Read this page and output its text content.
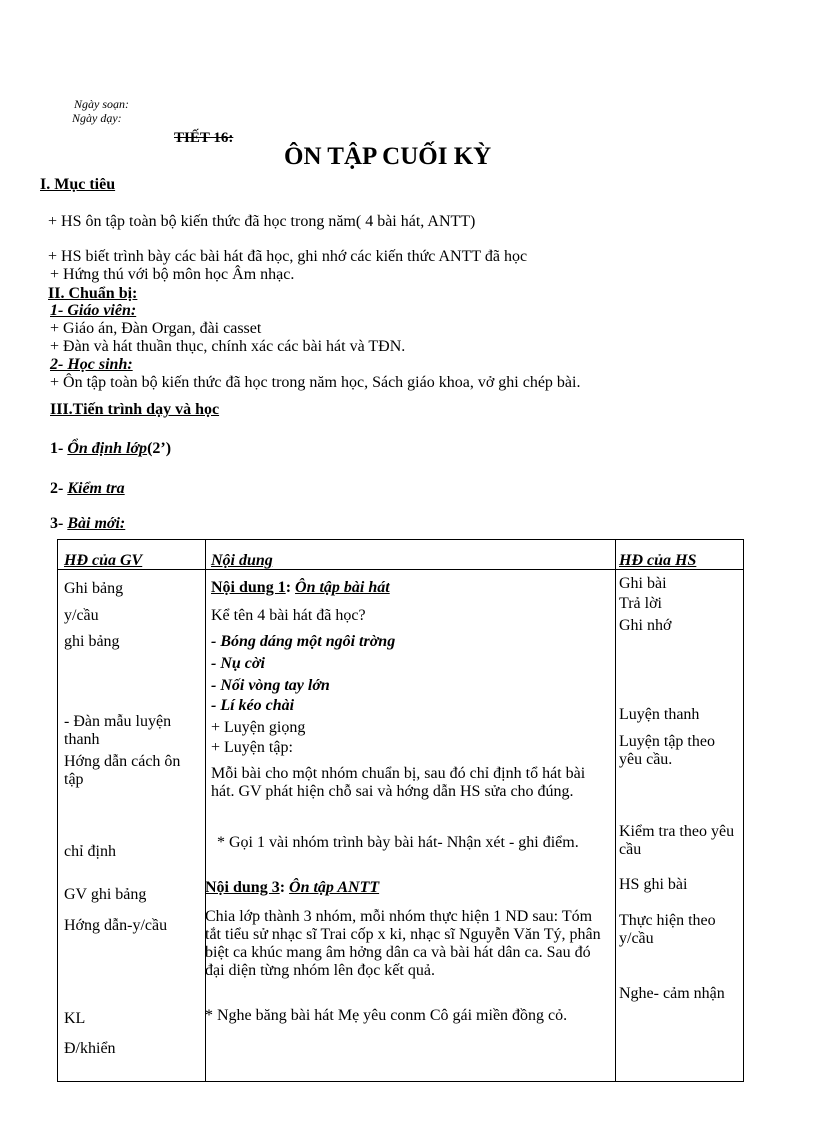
Ngày soạn:
Ngày dạy:
TIẾT 16:
ÔN TẬP CUỐI KỲ
I. Mục tiêu
+ HS ôn tập toàn bộ kiến thức đã học trong năm( 4 bài hát, ANTT)
+ HS biết trình bày các bài hát đã học, ghi nhớ các kiến thức ANTT đã học
+ Hứng thú với bộ môn học Âm nhạc.
II. Chuẩn bị:
1- Giáo viên:
+ Giáo án, Đàn Organ, đài casset
+ Đàn và hát thuần thục, chính xác các bài hát và TĐN.
2- Học sinh:
+ Ôn tập toàn bộ kiến thức đã học trong năm học, Sách giáo khoa, vở ghi chép bài.
III.Tiến trình dạy và học
1- Ổn định lớp(2’)
2- Kiểm tra
3- Bài mới:
HĐ của GV	Nội dung	HĐ của HS
Ghi bảng
y/cầu
ghi bảng
- Đàn mẫu luyện thanh
Hớng dẫn cách ôn tập
chỉ định
GV ghi bảng
Hớng dẫn-y/cầu
KL
Đ/khiển
Nội dung 1: Ôn tập bài hát
Kể tên 4 bài hát đã học?
- Bóng dáng một ngôi trờng
- Nụ cời
- Nối vòng tay lớn
- Lí kéo chài
+ Luyện giọng
+ Luyện tập:
Mỗi bài cho một nhóm chuẩn bị, sau đó chỉ định tổ hát bài hát. GV phát hiện chỗ sai và hớng dẫn HS sửa cho đúng.
* Gọi 1 vài nhóm trình bày bài hát- Nhận xét - ghi điểm.
Nội dung 3: Ôn tập ANTT
Chia lớp thành 3 nhóm, mỗi nhóm thực hiện 1 ND sau: Tóm tắt tiểu sử nhạc sĩ Trai cốp x ki, nhạc sĩ Nguyễn Văn Tý, phân biệt ca khúc mang âm hởng dân ca và bài hát dân ca. Sau đó đại diện từng nhóm lên đọc kết quả.
* Nghe băng bài hát Mẹ yêu conm Cô gái miền đồng cỏ.
Ghi bài
Trả lời
Ghi nhớ
Luyện thanh
Luyện tập theo yêu cầu.
Kiểm tra theo yêu cầu
HS ghi bài
Thực hiện theo y/cầu
Nghe- cảm nhận
